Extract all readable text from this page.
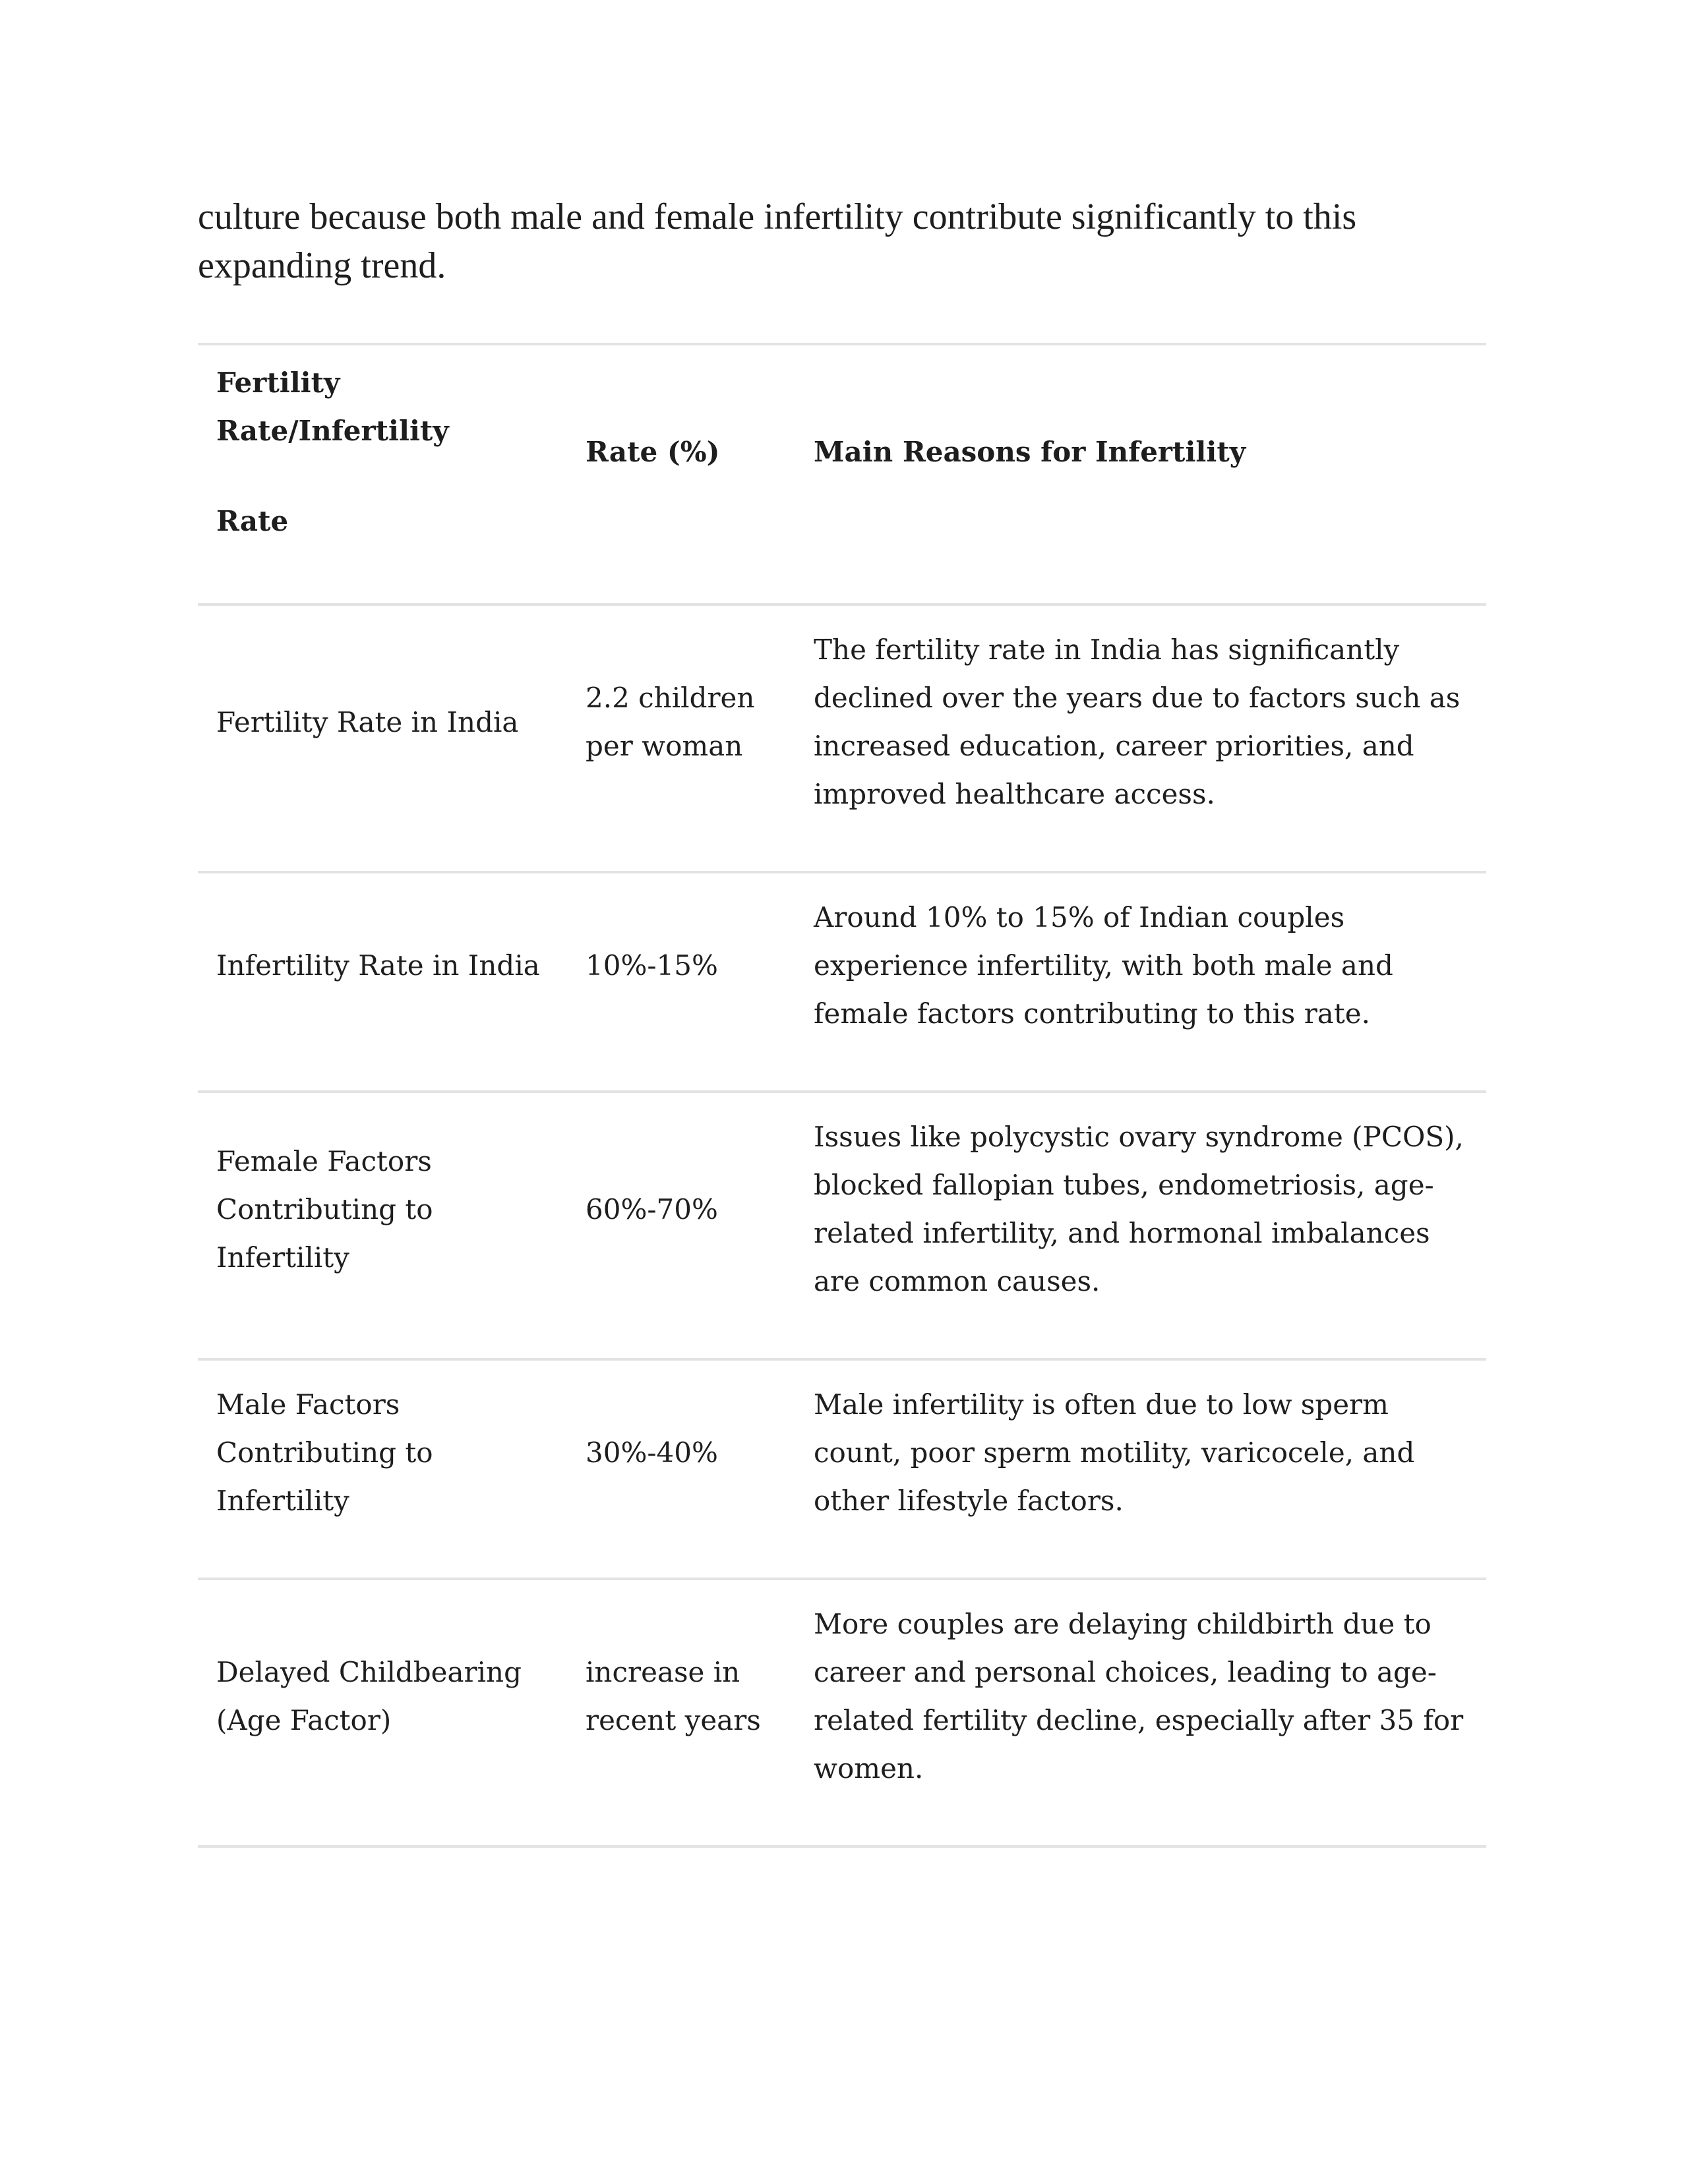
culture because both male and female infertility contribute significantly to this expanding trend.

Fertility Rate/Infertility
Rate	Rate (%)	Main Reasons for Infertility
Fertility Rate in India	2.2 children per woman	The fertility rate in India has significantly declined over the years due to factors such as increased education, career priorities, and improved healthcare access.
Infertility Rate in India	10%-15%	Around 10% to 15% of Indian couples experience infertility, with both male and female factors contributing to this rate.
Female Factors Contributing to Infertility	60%-70%	Issues like polycystic ovary syndrome (PCOS), blocked fallopian tubes, endometriosis, age-related infertility, and hormonal imbalances are common causes.
Male Factors Contributing to Infertility	30%-40%	Male infertility is often due to low sperm count, poor sperm motility, varicocele, and other lifestyle factors.
Delayed Childbearing (Age Factor)	increase in recent years	More couples are delaying childbirth due to career and personal choices, leading to age-related fertility decline, especially after 35 for women.
